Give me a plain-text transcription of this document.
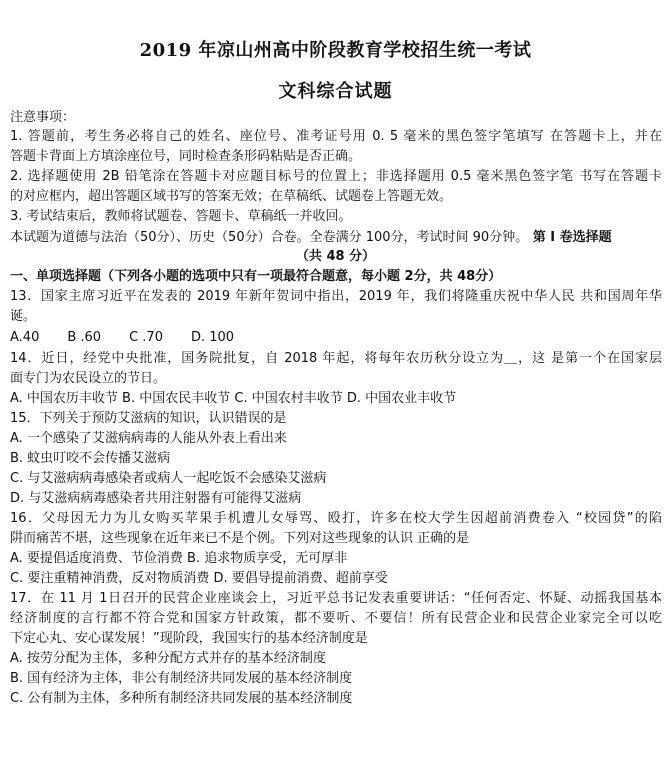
2019 年凉山州高中阶段教育学校招生统一考试
文科综合试题
注意事项：
1. 答题前，考生务必将自己的姓名、座位号、准考证号用 0. 5 毫米的黑色签字笔填写 在答题卡上，并在
答题卡背面上方填涂座位号，同时检查条形码粘贴是否正确。
2. 选择题使用 2B 铅笔涂在答题卡对应题目标号的位置上；非选择题用 0.5 毫米黑色签字笔 书写在答题卡
的对应框内，超出答题区域书写的答案无效；在草稿纸、试题卷上答题无效。
3. 考试结束后，教师将试题卷、答题卡、草稿纸一并收回。
本试题为道德与法治（50分）、历史（50分）合卷。全卷满分 100分，考试时间 90分钟。 第 I 卷选择题
（共 48 分）
一、单项选择题（下列各小题的选项中只有一项最符合题意，每小题 2分，共 48分）
13．国家主席习近平在发表的 2019 年新年贺词中指出，2019 年，我们将隆重庆祝中华人民 共和国周年华
诞。
A.40 B .60 C .70 D. 100
14．近日，经党中央批准，国务院批复，自 2018 年起，将每年农历秋分设立为＿，这 是第一个在国家层
面专门为农民设立的节日。
A. 中国农历丰收节 B. 中国农民丰收节 C. 中国农村丰收节 D. 中国农业丰收节
15．下列关于预防艾滋病的知识，认识错误的是
A. 一个感染了艾滋病病毒的人能从外表上看出来
B. 蚊虫叮咬不会传播艾滋病
C. 与艾滋病病毒感染者或病人一起吃饭不会感染艾滋病
D. 与艾滋病病毒感染者共用注射器有可能得艾滋病
16．父母因无力为儿女购买苹果手机遭儿女辱骂、殴打，许多在校大学生因超前消费卷入 “校园贷”的陷
阱而痛苦不堪，这些现象在近年来已不是个例。下列对这些现象的认识 正确的是
A. 要提倡适度消费、节俭消费 B. 追求物质享受，无可厚非
C. 要注重精神消费，反对物质消费 D. 要倡导提前消费、超前享受
17．在 11 月 1日召开的民营企业座谈会上，习近平总书记发表重要讲话：“任何否定、怀疑、动摇我国基本
经济制度的言行都不符合党和国家方针政策，都不要听、不要信！所有民营企业和民营企业家完全可以吃
下定心丸、安心谋发展！”现阶段，我国实行的基本经济制度是
A. 按劳分配为主体，多种分配方式并存的基本经济制度
B. 国有经济为主体，非公有制经济共同发展的基本经济制度
C. 公有制为主体，多种所有制经济共同发展的基本经济制度
